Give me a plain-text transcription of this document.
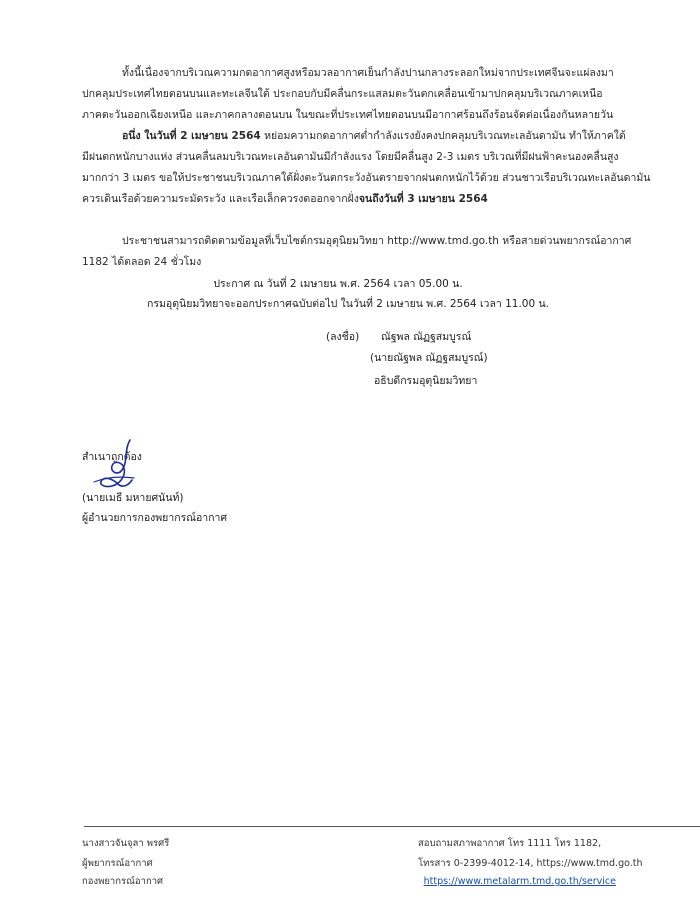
ทั้งนี้เนื่องจากบริเวณความกดอากาศสูงหรือมวลอากาศเย็นกำลังปานกลางระลอกใหม่จากประเทศจีนจะแผ่ลงมา
ปกคลุมประเทศไทยตอนบนและทะเลจีนใต้ ประกอบกับมีคลื่นกระแสลมตะวันตกเคลื่อนเข้ามาปกคลุมบริเวณภาคเหนือ
ภาคตะวันออกเฉียงเหนือ และภาคกลางตอนบน ในขณะที่ประเทศไทยตอนบนมีอากาศร้อนถึงร้อนจัดต่อเนื่องกันหลายวัน
อนึ่ง ในวันที่ 2 เมษายน 2564 หย่อมความกดอากาศต่ำกำลังแรงยังคงปกคลุมบริเวณทะเลอันดามัน ทำให้ภาคใต้
มีฝนตกหนักบางแห่ง ส่วนคลื่นลมบริเวณทะเลอันดามันมีกำลังแรง โดยมีคลื่นสูง 2-3 เมตร บริเวณที่มีฝนฟ้าคะนองคลื่นสูง
มากกว่า 3 เมตร ขอให้ประชาชนบริเวณภาคใต้ฝั่งตะวันตกระวังอันตรายจากฝนตกหนักไว้ด้วย ส่วนชาวเรือบริเวณทะเลอันดามัน
ควรเดินเรือด้วยความระมัดระวัง และเรือเล็กควรงดออกจากฝั่งจนถึงวันที่ 3 เมษายน 2564
ประชาชนสามารถติดตามข้อมูลที่เว็บไซต์กรมอุตุนิยมวิทยา http://www.tmd.go.th หรือสายด่วนพยากรณ์อากาศ
1182 ได้ตลอด 24 ชั่วโมง
ประกาศ ณ วันที่ 2 เมษายน พ.ศ. 2564 เวลา 05.00 น.
กรมอุตุนิยมวิทยาจะออกประกาศฉบับต่อไป ในวันที่ 2 เมษายน พ.ศ. 2564 เวลา 11.00 น.
(ลงชื่อ) ณัฐพล ณัฏฐสมบูรณ์
(นายณัฐพล ณัฏฐสมบูรณ์)
อธิบดีกรมอุตุนิยมวิทยา
สำเนาถูกต้อง
(นายเมธี มหายศนันท์)
ผู้อำนวยการกองพยากรณ์อากาศ
นางสาวจันจุลา พรศรี
ผู้พยากรณ์อากาศ
กองพยากรณ์อากาศ
สอบถามสภาพอากาศ โทร 1111 โทร 1182,
โทรสาร 0-2399-4012-14, https://www.tmd.go.th
https://www.metalarm.tmd.go.th/service
